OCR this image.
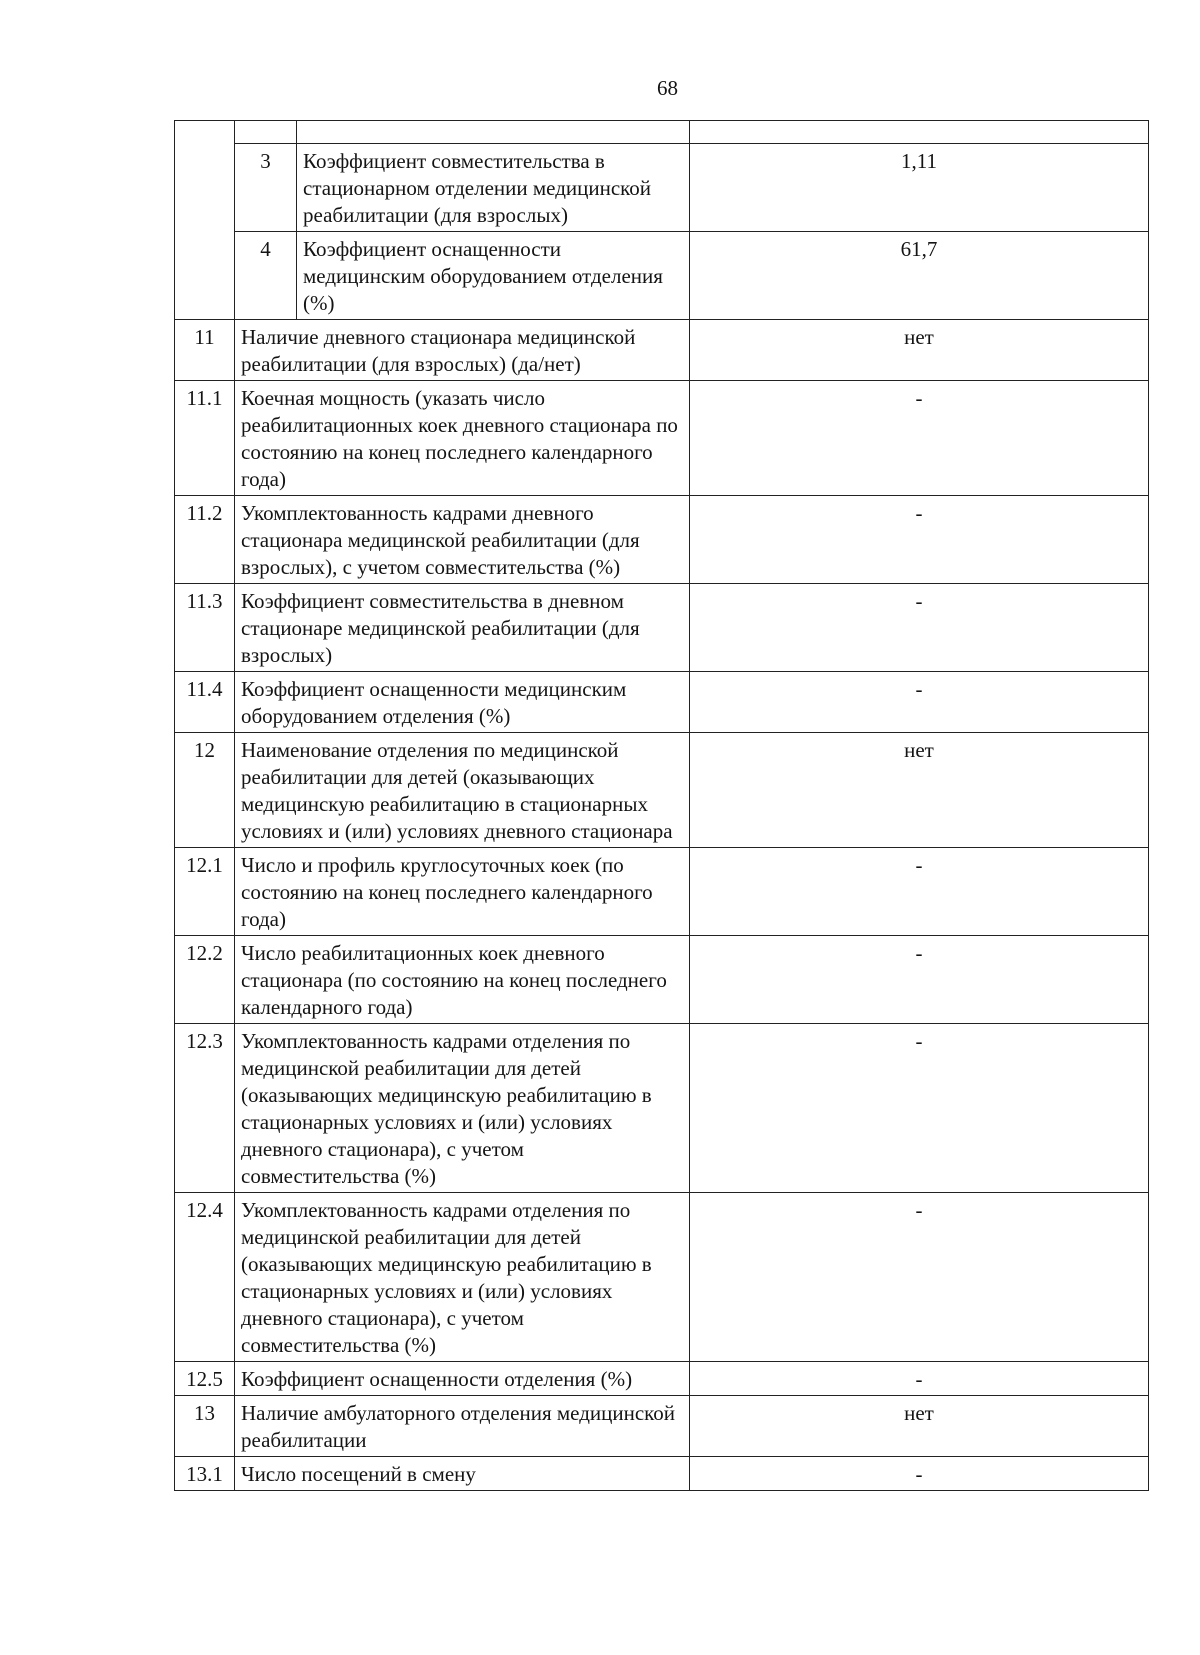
68

	3	Коэффициент совместительства в стационарном отделении медицинской реабилитации (для взрослых)	1,11
	4	Коэффициент оснащенности медицинским оборудованием отделения (%)	61,7
11	Наличие дневного стационара медицинской реабилитации (для взрослых) (да/нет)		нет
11.1	Коечная мощность (указать число реабилитационных коек дневного стационара по состоянию на конец последнего календарного года)		-
11.2	Укомплектованность кадрами дневного стационара медицинской реабилитации (для взрослых), с учетом совместительства (%)		-
11.3	Коэффициент совместительства в дневном стационаре медицинской реабилитации (для взрослых)		-
11.4	Коэффициент оснащенности медицинским оборудованием отделения (%)		-
12	Наименование отделения по медицинской реабилитации для детей (оказывающих медицинскую реабилитацию в стационарных условиях и (или) условиях дневного стационара		нет
12.1	Число и профиль круглосуточных коек (по состоянию на конец последнего календарного года)		-
12.2	Число реабилитационных коек дневного стационара (по состоянию на конец последнего календарного года)		-
12.3	Укомплектованность кадрами отделения по медицинской реабилитации для детей (оказывающих медицинскую реабилитацию в стационарных условиях и (или) условиях дневного стационара), с учетом совместительства (%)		-
12.4	Укомплектованность кадрами отделения по медицинской реабилитации для детей (оказывающих медицинскую реабилитацию в стационарных условиях и (или) условиях дневного стационара), с учетом совместительства (%)		-
12.5	Коэффициент оснащенности отделения (%)		-
13	Наличие амбулаторного отделения медицинской реабилитации		нет
13.1	Число посещений в смену		-
